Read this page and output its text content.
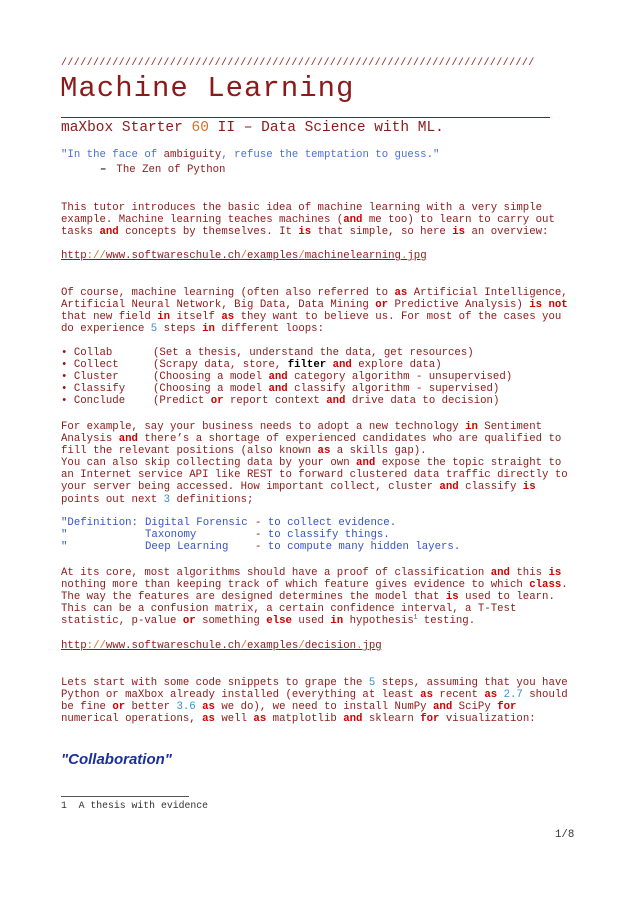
//////////////////////////////////////////////////////////////////////////
Machine Learning
maXbox Starter 60 II – Data Science with ML.
"In the face of ambiguity, refuse the temptation to guess."
– The Zen of Python
This tutor introduces the basic idea of machine learning with a very simple
example. Machine learning teaches machines (and me too) to learn to carry out
tasks and concepts by themselves. It is that simple, so here is an overview:
http://www.softwareschule.ch/examples/machinelearning.jpg
Of course, machine learning (often also referred to as Artificial Intelligence,
Artificial Neural Network, Big Data, Data Mining or Predictive Analysis) is not
that new field in itself as they want to believe us. For most of the cases you
do experience 5 steps in different loops:
• Collab	(Set a thesis, understand the data, get resources)
• Collect	(Scrapy data, store, filter and explore data)
• Cluster	(Choosing a model and category algorithm - unsupervised)
• Classify	(Choosing a model and classify algorithm - supervised)
• Conclude	(Predict or report context and drive data to decision)
For example, say your business needs to adopt a new technology in Sentiment
Analysis and there’s a shortage of experienced candidates who are qualified to
fill the relevant positions (also known as a skills gap).
You can also skip collecting data by your own and expose the topic straight to
an Internet service API like REST to forward clustered data traffic directly to
your server being accessed. How important collect, cluster and classify is
points out next 3 definitions;
"Definition: Digital Forensic - to collect evidence.
"	Taxonomy	- to classify things.
"	Deep Learning - to compute many hidden layers.
At its core, most algorithms should have a proof of classification and this is
nothing more than keeping track of which feature gives evidence to which class.
The way the features are designed determines the model that is used to learn.
This can be a confusion matrix, a certain confidence interval, a T-Test
statistic, p-value or something else used in hypothesis$^1$ testing.
http://www.softwareschule.ch/examples/decision.jpg
Lets start with some code snippets to grape the 5 steps, assuming that you have
Python or maXbox already installed (everything at least as recent as 2.7 should
be fine or better 3.6 as we do), we need to install NumPy and SciPy for
numerical operations, as well as matplotlib and sklearn for visualization:
"Collaboration"
1  A thesis with evidence
1/8
